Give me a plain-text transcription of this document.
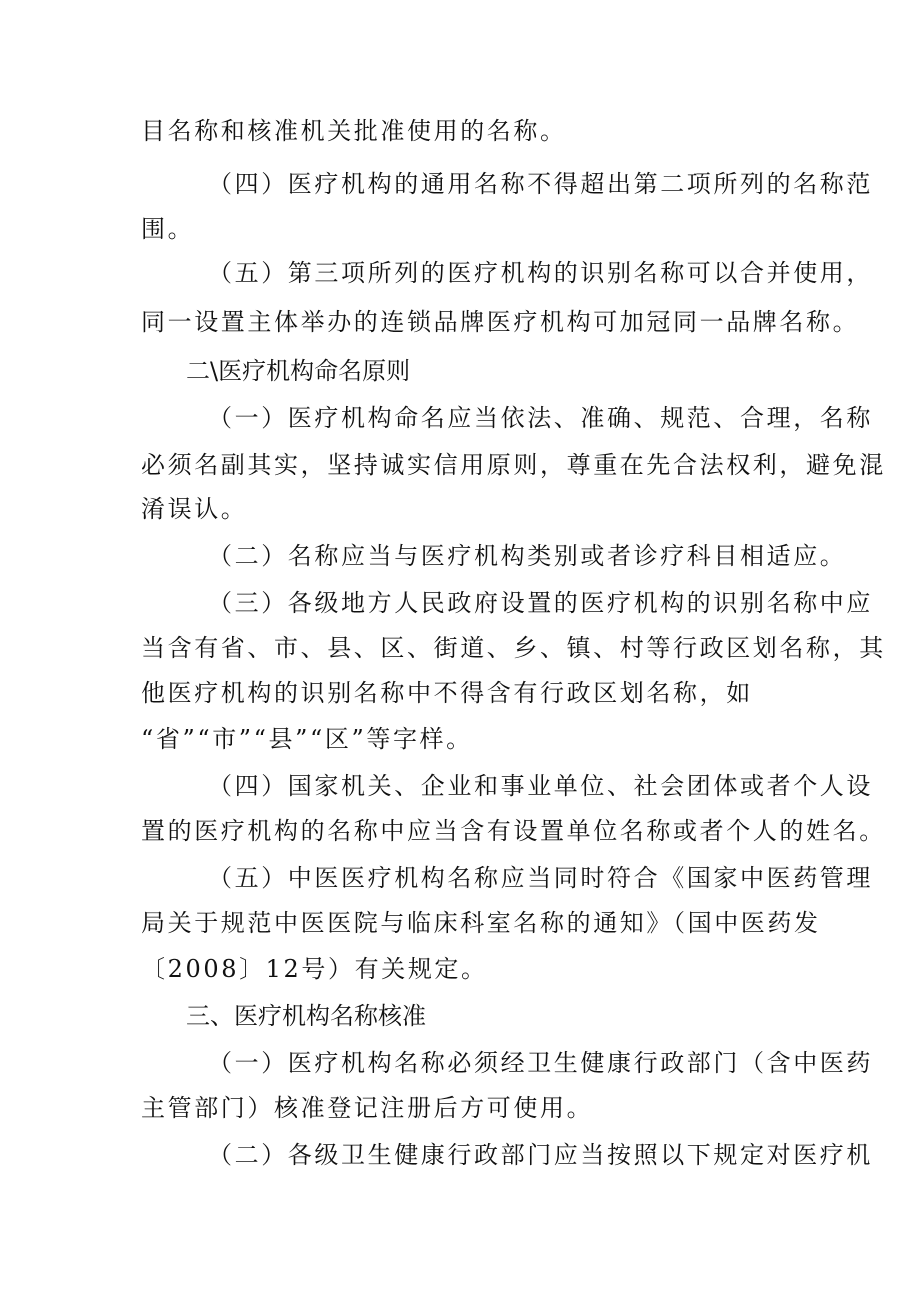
目名称和核准机关批准使用的名称。
（四）医疗机构的通用名称不得超出第二项所列的名称范
围。
（五）第三项所列的医疗机构的识别名称可以合并使用，
同一设置主体举办的连锁品牌医疗机构可加冠同一品牌名称。
二\医疗机构命名原则
（一）医疗机构命名应当依法、准确、规范、合理，名称
必须名副其实，坚持诚实信用原则，尊重在先合法权利，避免混
淆误认。
（二）名称应当与医疗机构类别或者诊疗科目相适应。
（三）各级地方人民政府设置的医疗机构的识别名称中应
当含有省、市、县、区、街道、乡、镇、村等行政区划名称，其
他医疗机构的识别名称中不得含有行政区划名称，如
“省”“市”“县”“区”等字样。
（四）国家机关、企业和事业单位、社会团体或者个人设
置的医疗机构的名称中应当含有设置单位名称或者个人的姓名。
（五）中医医疗机构名称应当同时符合《国家中医药管理
局关于规范中医医院与临床科室名称的通知》（国中医药发
〔2008〕12号）有关规定。
三、医疗机构名称核准
（一）医疗机构名称必须经卫生健康行政部门（含中医药
主管部门）核准登记注册后方可使用。
（二）各级卫生健康行政部门应当按照以下规定对医疗机
